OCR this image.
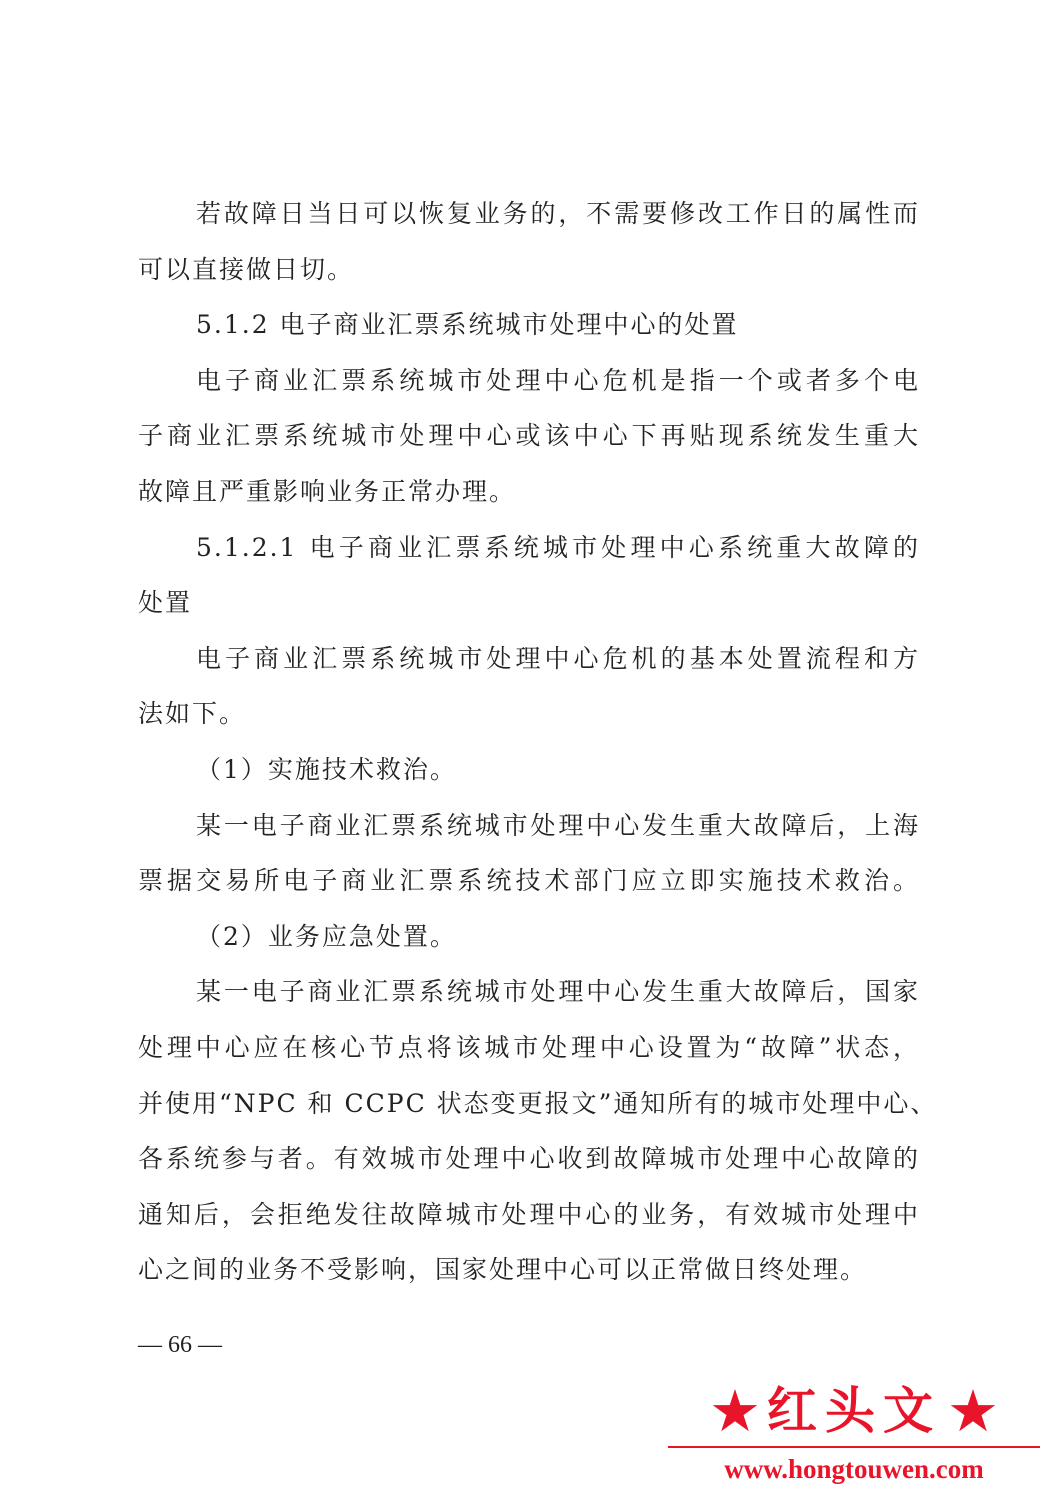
若故障日当日可以恢复业务的，不需要修改工作日的属性而
可以直接做日切。
5.1.2 电子商业汇票系统城市处理中心的处置
电子商业汇票系统城市处理中心危机是指一个或者多个电
子商业汇票系统城市处理中心或该中心下再贴现系统发生重大
故障且严重影响业务正常办理。
5.1.2.1 电子商业汇票系统城市处理中心系统重大故障的
处置
电子商业汇票系统城市处理中心危机的基本处置流程和方
法如下。
（1）实施技术救治。
某一电子商业汇票系统城市处理中心发生重大故障后，上海
票据交易所电子商业汇票系统技术部门应立即实施技术救治。
（2）业务应急处置。
某一电子商业汇票系统城市处理中心发生重大故障后，国家
处理中心应在核心节点将该城市处理中心设置为“故障”状态，
并使用“NPC 和 CCPC 状态变更报文”通知所有的城市处理中心、
各系统参与者。有效城市处理中心收到故障城市处理中心故障的
通知后，会拒绝发往故障城市处理中心的业务，有效城市处理中
心之间的业务不受影响，国家处理中心可以正常做日终处理。
— 66 —
★ 红头文 ★
www.hongtouwen.com
